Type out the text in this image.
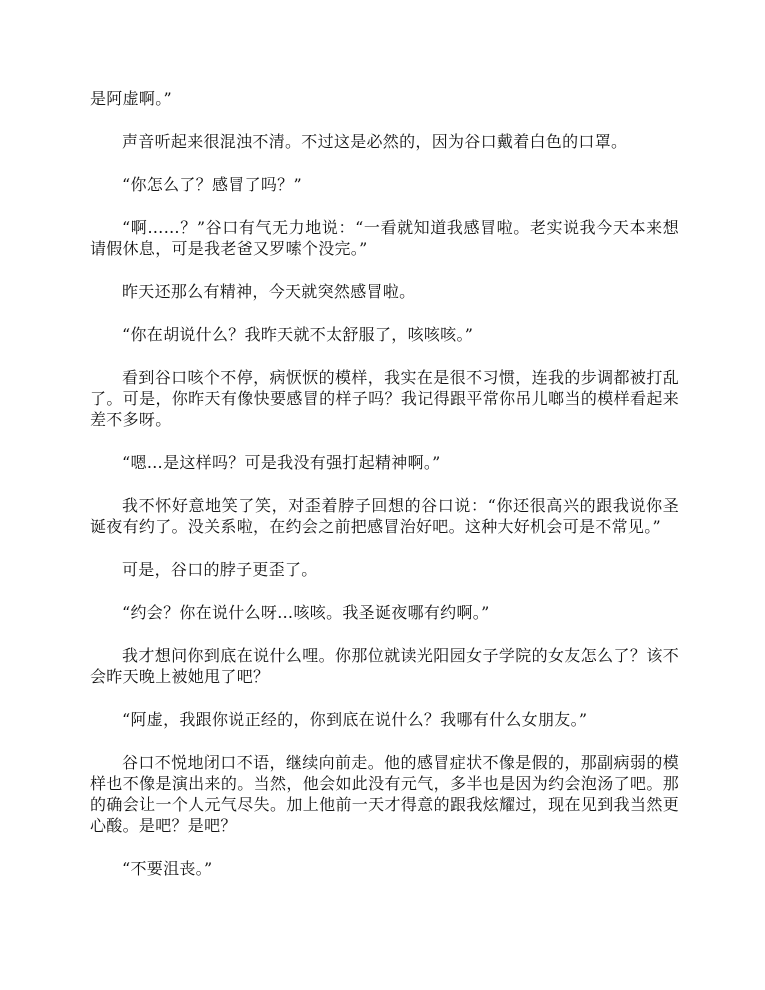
是阿虚啊。”

声音听起来很混浊不清。不过这是必然的，因为谷口戴着白色的口罩。

“你怎么了？感冒了吗？”

“啊……？”谷口有气无力地说：“一看就知道我感冒啦。老实说我今天本来想请假休息，可是我老爸又罗嗦个没完。”

昨天还那么有精神，今天就突然感冒啦。

“你在胡说什么？我昨天就不太舒服了，咳咳咳。”

看到谷口咳个不停，病恹恹的模样，我实在是很不习惯，连我的步调都被打乱了。可是，你昨天有像快要感冒的样子吗？我记得跟平常你吊儿啷当的模样看起来差不多呀。

“嗯…是这样吗？可是我没有强打起精神啊。”

我不怀好意地笑了笑，对歪着脖子回想的谷口说：“你还很高兴的跟我说你圣诞夜有约了。没关系啦，在约会之前把感冒治好吧。这种大好机会可是不常见。”

可是，谷口的脖子更歪了。

“约会？你在说什么呀…咳咳。我圣诞夜哪有约啊。”

我才想问你到底在说什么哩。你那位就读光阳园女子学院的女友怎么了？该不会昨天晚上被她甩了吧？

“阿虚，我跟你说正经的，你到底在说什么？我哪有什么女朋友。”

谷口不悦地闭口不语，继续向前走。他的感冒症状不像是假的，那副病弱的模样也不像是演出来的。当然，他会如此没有元气，多半也是因为约会泡汤了吧。那的确会让一个人元气尽失。加上他前一天才得意的跟我炫耀过，现在见到我当然更心酸。是吧？是吧？

“不要沮丧。”
